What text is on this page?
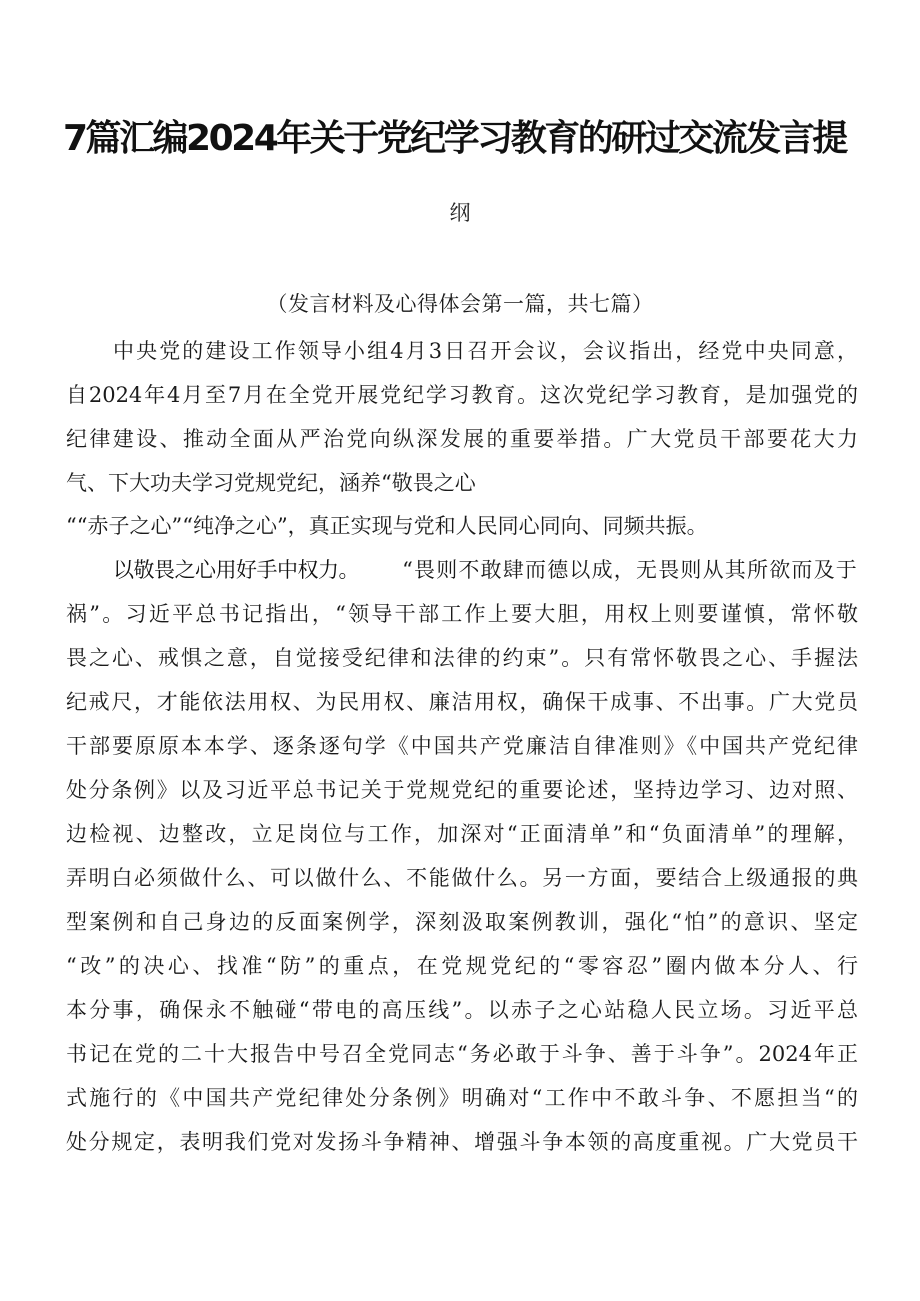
7篇汇编2024年关于党纪学习教育的研过交流发言提
纲
（发言材料及心得体会第一篇，共七篇）
中央党的建设工作领导小组4月3日召开会议，会议指出，经党中央同意，
自2024年4月至7月在全党开展党纪学习教育。这次党纪学习教育，是加强党的
纪律建设、推动全面从严治党向纵深发展的重要举措。广大党员干部要花大力
气、下大功夫学习党规党纪，涵养“敬畏之心
““赤子之心”“纯净之心”，真正实现与党和人民同心同向、同频共振。
以敬畏之心用好手中权力。 “畏则不敢肆而德以成，无畏则从其所欲而及于
祸”。习近平总书记指出，“领导干部工作上要大胆，用权上则要谨慎，常怀敬
畏之心、戒惧之意，自觉接受纪律和法律的约束”。只有常怀敬畏之心、手握法
纪戒尺，才能依法用权、为民用权、廉洁用权，确保干成事、不出事。广大党员
干部要原原本本学、逐条逐句学《中国共产党廉洁自律准则》《中国共产党纪律
处分条例》以及习近平总书记关于党规党纪的重要论述，坚持边学习、边对照、
边检视、边整改，立足岗位与工作，加深对“正面清单”和“负面清单”的理解，
弄明白必须做什么、可以做什么、不能做什么。另一方面，要结合上级通报的典
型案例和自己身边的反面案例学，深刻汲取案例教训，强化“怕”的意识、坚定
“改”的决心、找准“防”的重点，在党规党纪的“零容忍”圈内做本分人、行
本分事，确保永不触碰“带电的高压线”。以赤子之心站稳人民立场。习近平总
书记在党的二十大报告中号召全党同志“务必敢于斗争、善于斗争”。2024年正
式施行的《中国共产党纪律处分条例》明确对“工作中不敢斗争、不愿担当“的
处分规定，表明我们党对发扬斗争精神、增强斗争本领的高度重视。广大党员干
